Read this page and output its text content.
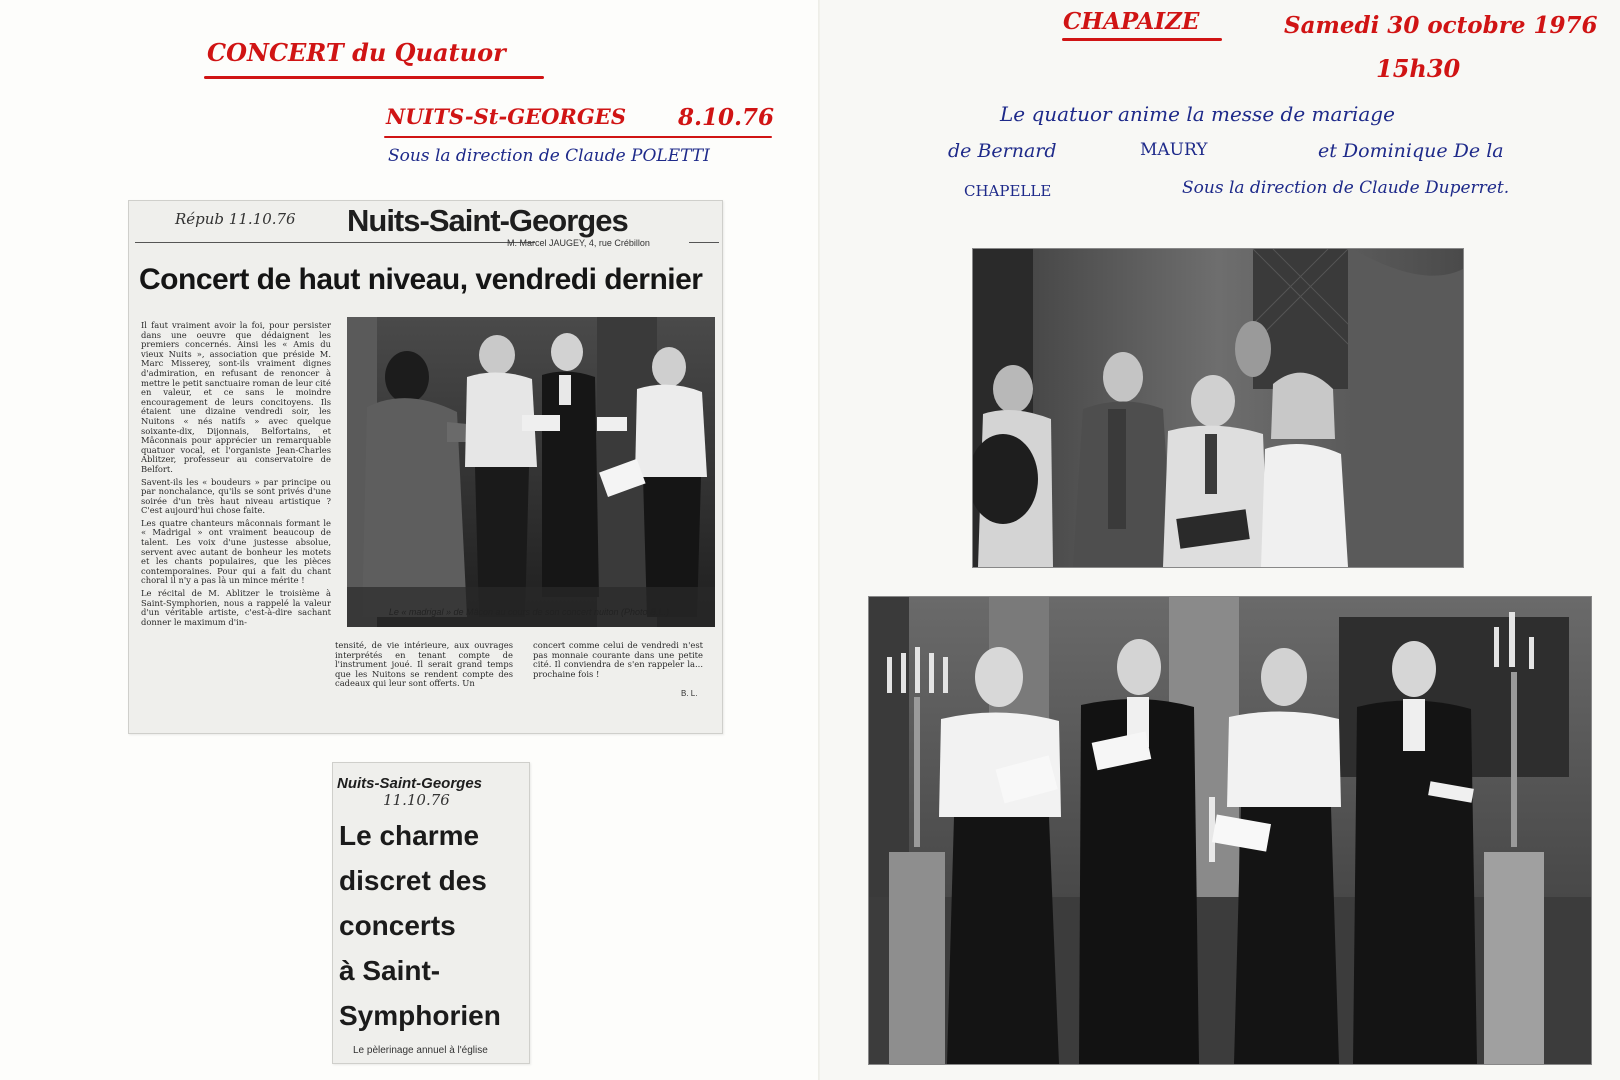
CONCERT du Quatuor
NUITS-St-GEORGES 8.10.76
Sous la direction de Claude POLETTI
Répub 11.10.76 Nuits-Saint-Georges
M. Marcel JAUGEY, 4, rue Crébillon
Concert de haut niveau, vendredi dernier

Il faut vraiment avoir la foi, pour persister dans une oeuvre que dédaignent les premiers concernés. Ainsi les « Amis du vieux Nuits », association que préside M. Marc Misserey, sont-ils vraiment dignes d'admiration, en refusant de renoncer à mettre le petit sanctuaire roman de leur cité en valeur, et ce sans le moindre encouragement de leurs concitoyens. Ils étaient une dizaine vendredi soir, les Nuitons « nés natifs » avec quelque soixante-dix, Dijonnais, Belfortains, et Mâconnais pour apprécier un remarquable quatuor vocal, et l'organiste Jean-Charles Ablitzer, professeur au conservatoire de Belfort.

Savent-ils les « boudeurs » par principe ou par nonchalance, qu'ils se sont privés d'une soirée d'un très haut niveau artistique ? C'est aujourd'hui chose faite.

Les quatre chanteurs mâconnais formant le « Madrigal » ont vraiment beaucoup de talent. Les voix d'une justesse absolue, servent avec autant de bonheur les motets et les chants populaires, que les pièces contemporaines. Pour qui a fait du chant choral il n'y a pas là un mince mérite !

Le récital de M. Ablitzer le troisième à Saint-Symphorien, nous a rappelé la valeur d'un véritable artiste, c'est-à-dire sachant donner le maximum d'in-

Le « madrigal » de Mâcon au cours de son concert nuiton (Photo B.L.)
tensité, de vie intérieure, aux ouvrages interprétés en tenant compte de l'instrument joué. Il serait grand temps que les Nuitons se rendent compte des cadeaux qui leur sont offerts. Un
concert comme celui de vendredi n'est pas monnaie courante dans une petite cité. Il conviendra de s'en rappeler la... prochaine fois !
B. L.
Nuits-Saint-Georges
11.10.76
Le charme
discret des
concerts
à Saint-
Symphorien
Le pèlerinage annuel à l'église
CHAPAIZE	Samedi 30 octobre 1976
15h30
Le quatuor anime la messe de mariage
de Bernard	MAURY	et Dominique De la
CHAPELLE	Sous la direction de Claude Duperret.
